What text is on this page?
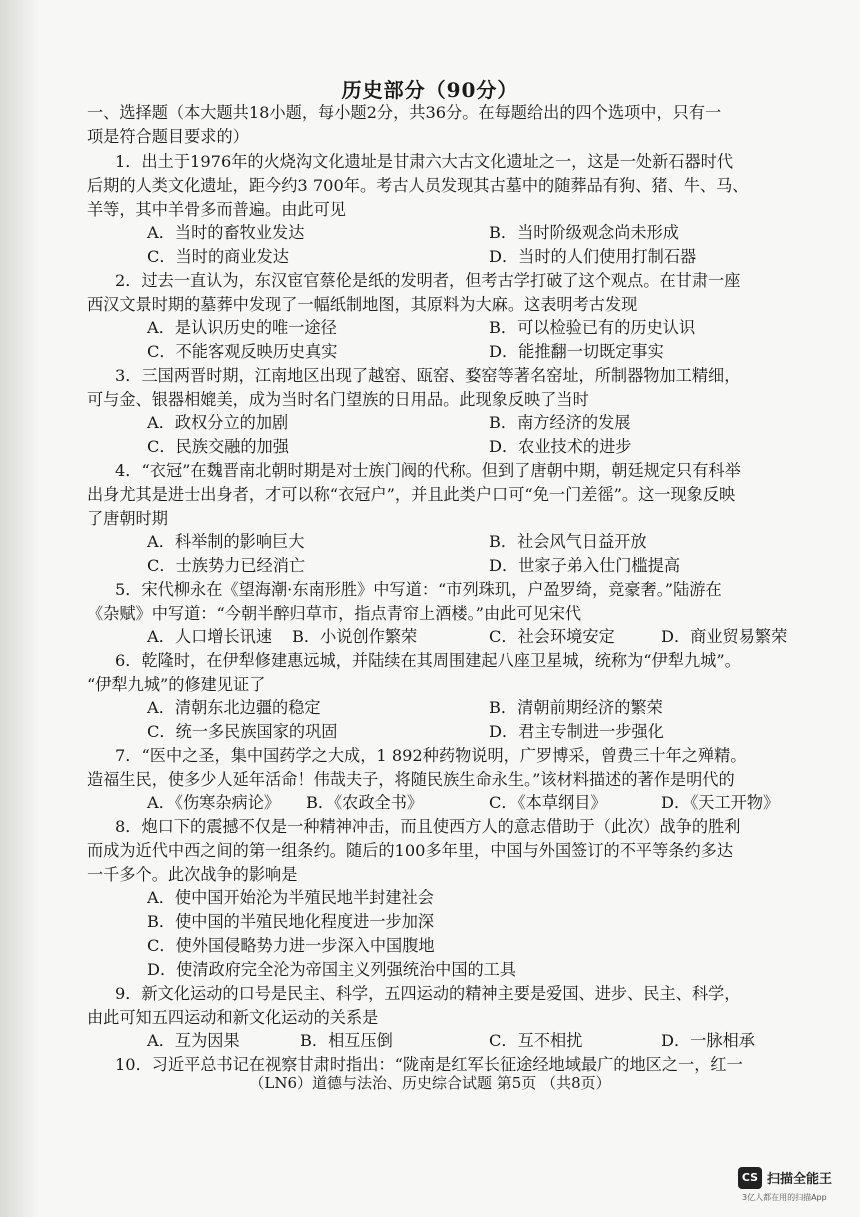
历史部分（90分）
一、选择题（本大题共18小题，每小题2分，共36分。在每题给出的四个选项中，只有一
项是符合题目要求的）
1．出土于1976年的火烧沟文化遗址是甘肃六大古文化遗址之一，这是一处新石器时代
后期的人类文化遗址，距今约3 700年。考古人员发现其古墓中的随葬品有狗、猪、牛、马、
羊等，其中羊骨多而普遍。由此可见
A．当时的畜牧业发达	B．当时阶级观念尚未形成
C．当时的商业发达	D．当时的人们使用打制石器
2．过去一直认为，东汉宦官蔡伦是纸的发明者，但考古学打破了这个观点。在甘肃一座
西汉文景时期的墓葬中发现了一幅纸制地图，其原料为大麻。这表明考古发现
A．是认识历史的唯一途径	B．可以检验已有的历史认识
C．不能客观反映历史真实	D．能推翻一切既定事实
3．三国两晋时期，江南地区出现了越窑、瓯窑、婺窑等著名窑址，所制器物加工精细，
可与金、银器相媲美，成为当时名门望族的日用品。此现象反映了当时
A．政权分立的加剧	B．南方经济的发展
C．民族交融的加强	D．农业技术的进步
4．“衣冠”在魏晋南北朝时期是对士族门阀的代称。但到了唐朝中期，朝廷规定只有科举
出身尤其是进士出身者，才可以称“衣冠户”，并且此类户口可“免一门差徭”。这一现象反映
了唐朝时期
A．科举制的影响巨大	B．社会风气日益开放
C．士族势力已经消亡	D．世家子弟入仕门槛提高
5．宋代柳永在《望海潮·东南形胜》中写道：“市列珠玑，户盈罗绮，竞豪奢。”陆游在
《杂赋》中写道：“今朝半醉归草市，指点青帘上酒楼。”由此可见宋代
A．人口增长讯速 B．小说创作繁荣	C．社会环境安定	D．商业贸易繁荣
6．乾隆时，在伊犁修建惠远城，并陆续在其周围建起八座卫星城，统称为“伊犁九城”。
“伊犁九城”的修建见证了
A．清朝东北边疆的稳定	B．清朝前期经济的繁荣
C．统一多民族国家的巩固	D．君主专制进一步强化
7．“医中之圣，集中国药学之大成，1 892种药物说明，广罗博采，曾费三十年之殚精。
造福生民，使多少人延年活命！伟哉夫子，将随民族生命永生。”该材料描述的著作是明代的
A．《伤寒杂病论》 B．《农政全书》	C．《本草纲目》	D．《天工开物》
8．炮口下的震撼不仅是一种精神冲击，而且使西方人的意志借助于（此次）战争的胜利
而成为近代中西之间的第一组条约。随后的100多年里，中国与外国签订的不平等条约多达
一千多个。此次战争的影响是
A．使中国开始沦为半殖民地半封建社会
B．使中国的半殖民地化程度进一步加深
C．使外国侵略势力进一步深入中国腹地
D．使清政府完全沦为帝国主义列强统治中国的工具
9．新文化运动的口号是民主、科学，五四运动的精神主要是爱国、进步、民主、科学，
由此可知五四运动和新文化运动的关系是
A．互为因果	B．相互压倒	C．互不相扰	D．一脉相承
10．习近平总书记在视察甘肃时指出：“陇南是红军长征途经地域最广的地区之一，红一
（LN6）道德与法治、历史综合试题 第5页 （共8页）
CS 扫描全能王
3亿人都在用的扫描App
